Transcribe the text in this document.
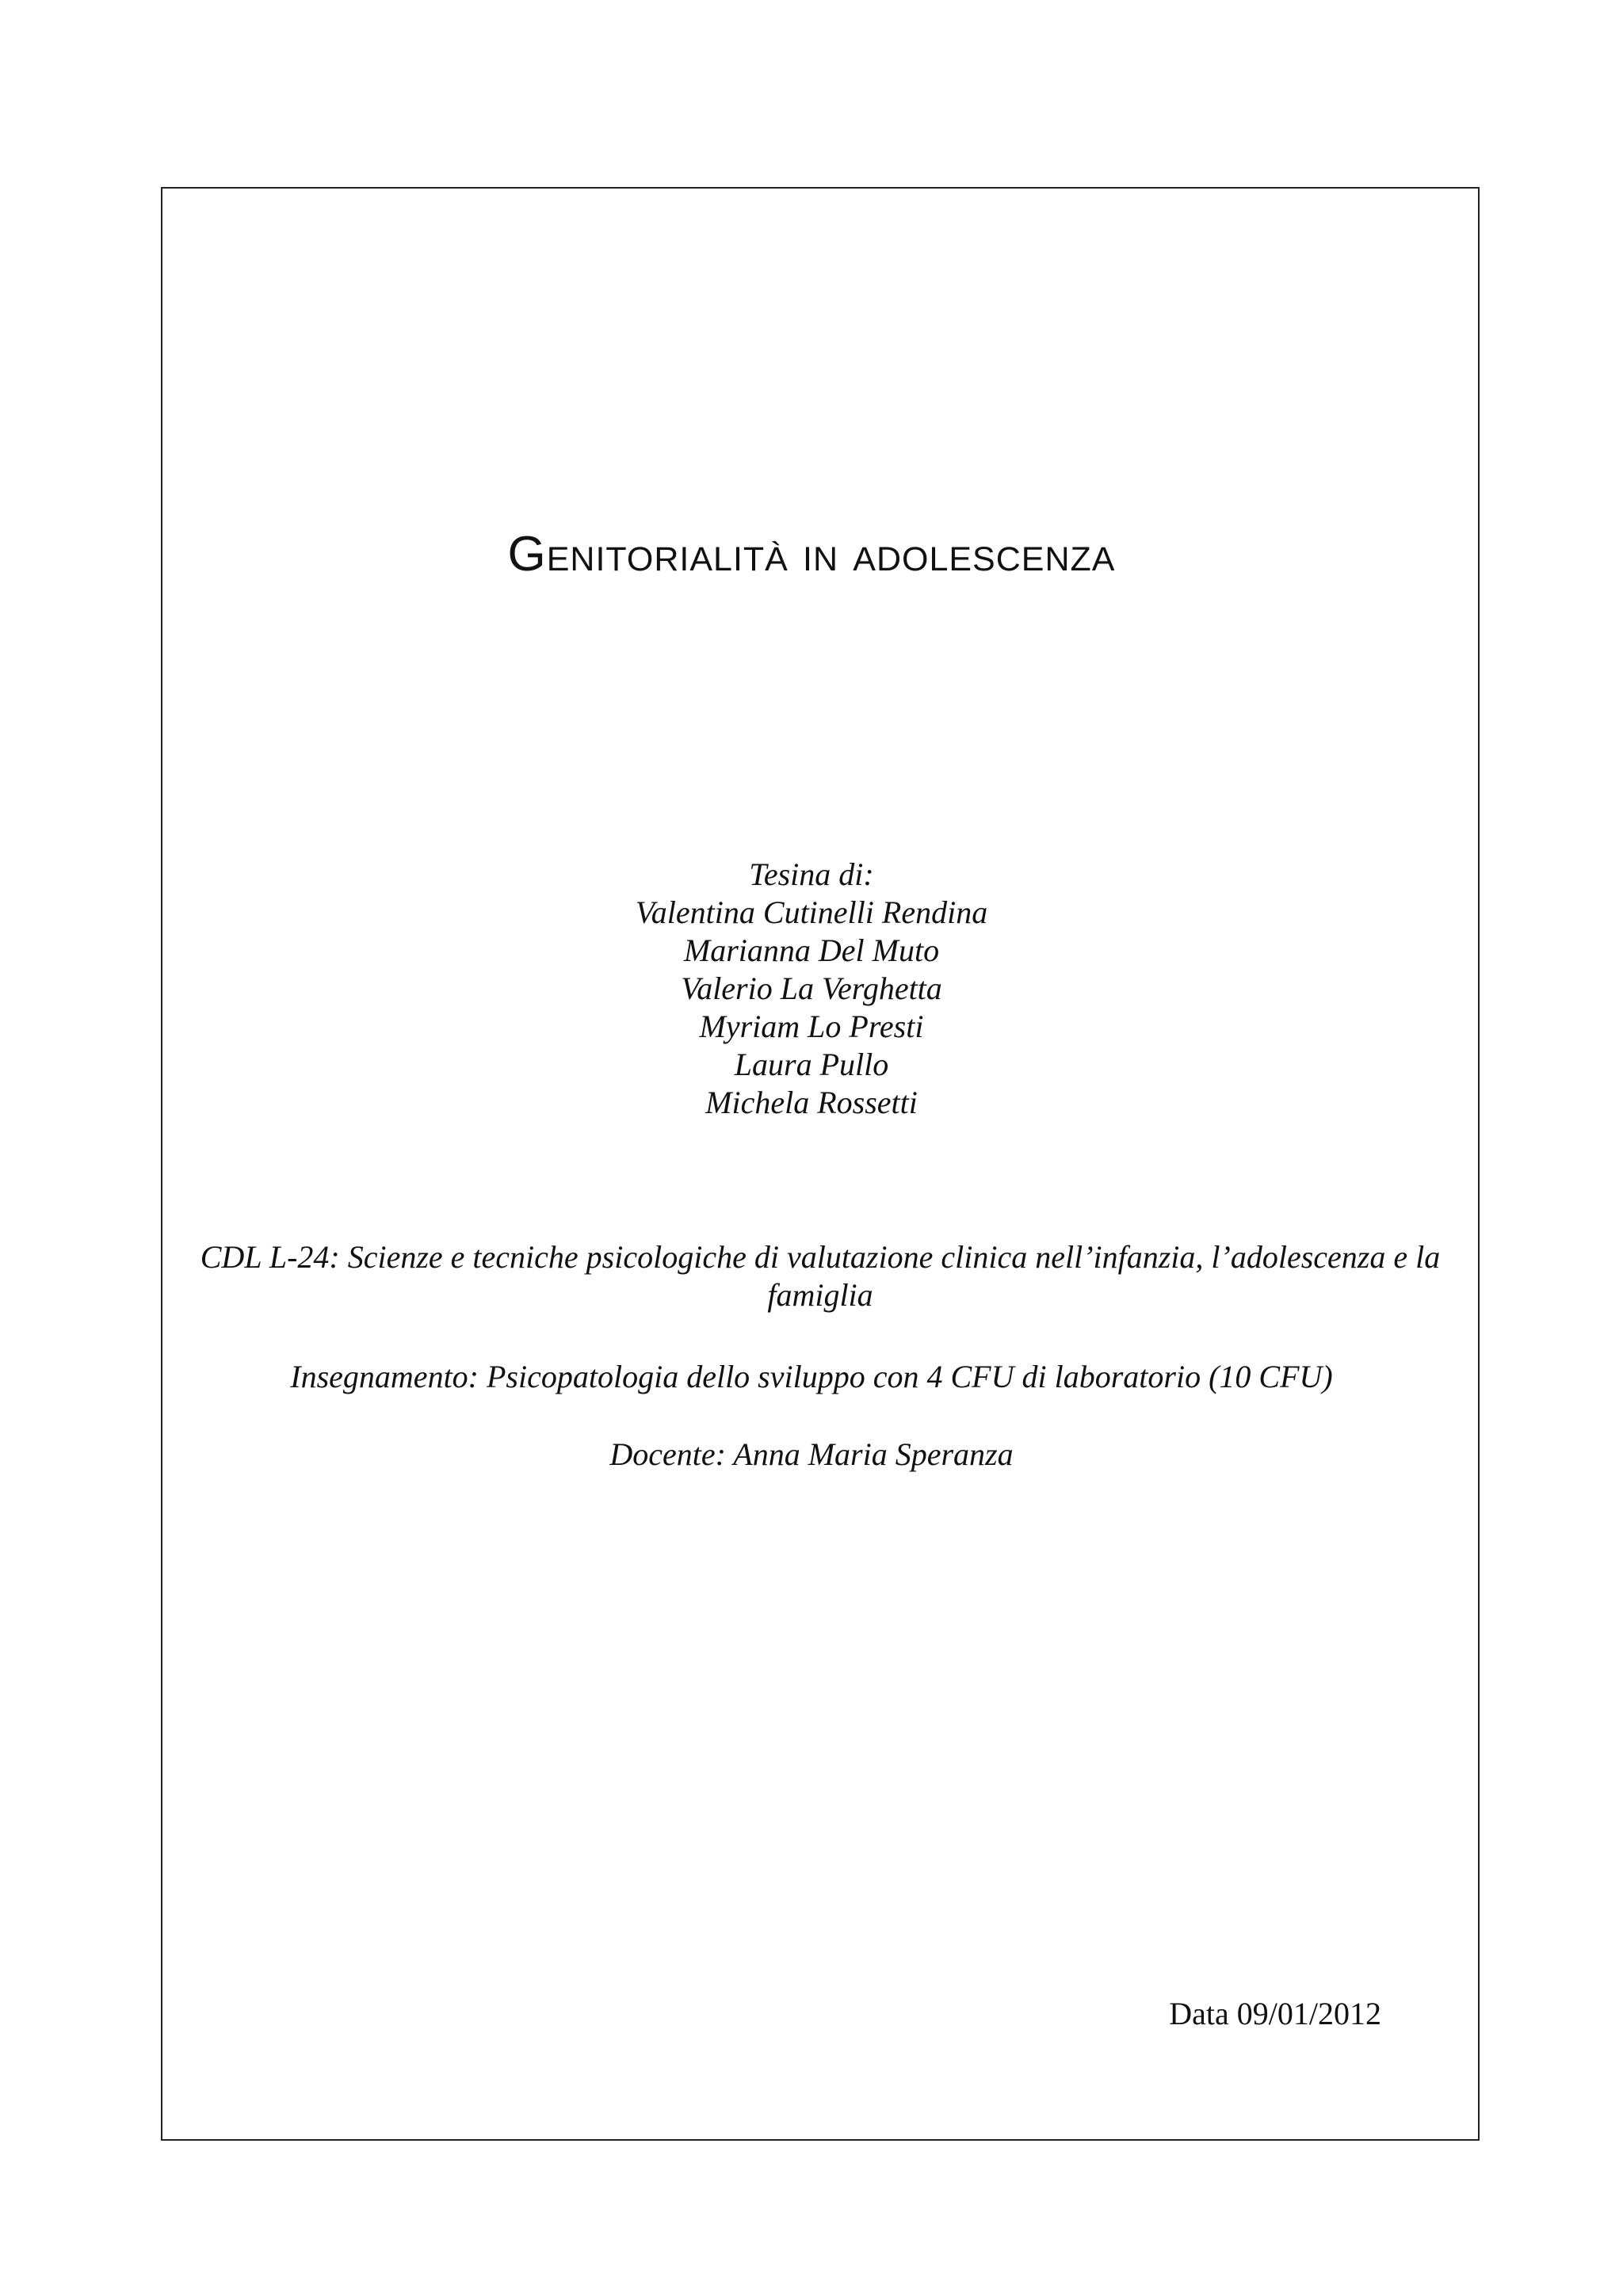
Genitorialità in adolescenza
Tesina di:
Valentina Cutinelli Rendina
Marianna Del Muto
Valerio La Verghetta
Myriam Lo Presti
Laura Pullo
Michela Rossetti
CDL L-24: Scienze e tecniche psicologiche di valutazione clinica nell’infanzia, l’adolescenza e la famiglia
Insegnamento: Psicopatologia dello sviluppo con 4 CFU di laboratorio (10 CFU)
Docente: Anna Maria Speranza
Data 09/01/2012
